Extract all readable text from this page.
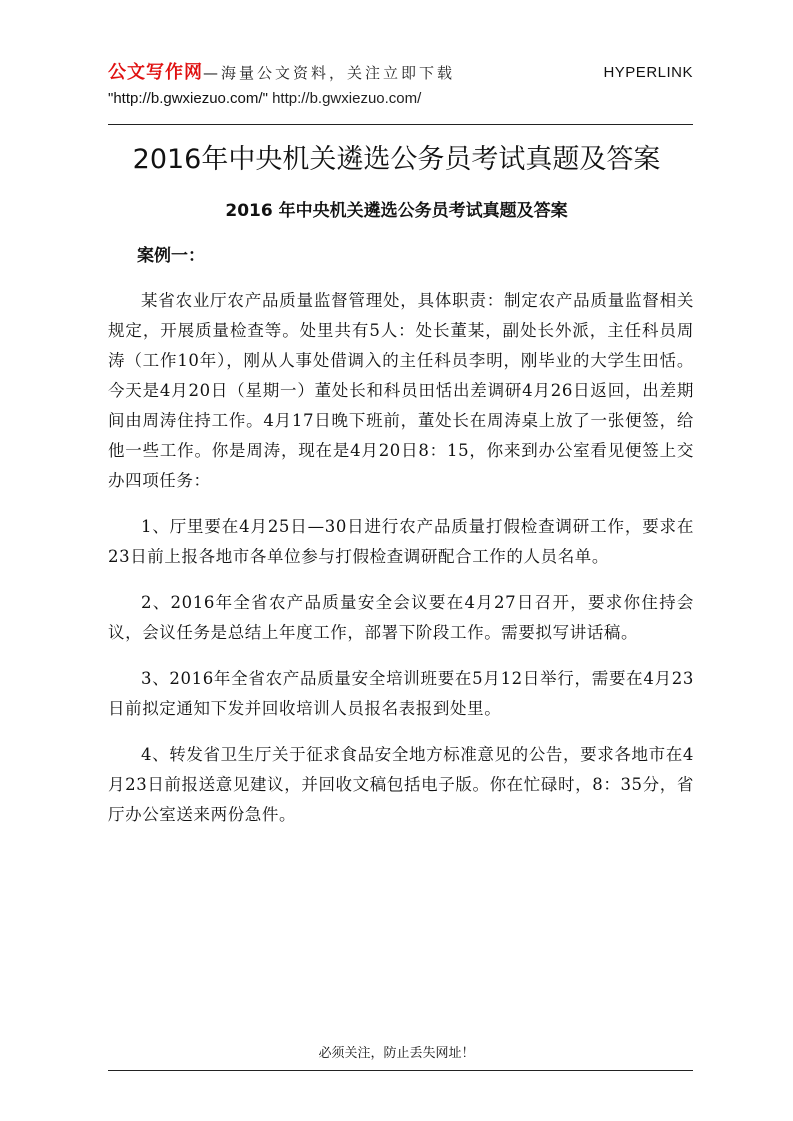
公文写作网—海量公文资料，关注立即下载	HYPERLINK
"http://b.gwxiezuo.com/" http://b.gwxiezuo.com/
2016年中央机关遴选公务员考试真题及答案
2016 年中央机关遴选公务员考试真题及答案
案例一：

某省农业厅农产品质量监督管理处，具体职责：制定农产品质量监督相关规定，开展质量检查等。处里共有5人：处长董某，副处长外派，主任科员周涛（工作10年），刚从人事处借调入的主任科员李明，刚毕业的大学生田恬。今天是4月20日（星期一）董处长和科员田恬出差调研4月26日返回，出差期间由周涛住持工作。4月17日晚下班前，董处长在周涛桌上放了一张便签，给他一些工作。你是周涛，现在是4月20日8：15，你来到办公室看见便签上交办四项任务：

1、厅里要在4月25日—30日进行农产品质量打假检查调研工作，要求在23日前上报各地市各单位参与打假检查调研配合工作的人员名单。

2、2016年全省农产品质量安全会议要在4月27日召开，要求你住持会议，会议任务是总结上年度工作，部署下阶段工作。需要拟写讲话稿。

3、2016年全省农产品质量安全培训班要在5月12日举行，需要在4月23日前拟定通知下发并回收培训人员报名表报到处里。

4、转发省卫生厅关于征求食品安全地方标准意见的公告，要求各地市在4月23日前报送意见建议，并回收文稿包括电子版。你在忙碌时，8：35分，省厅办公室送来两份急件。

必须关注，防止丢失网址！
